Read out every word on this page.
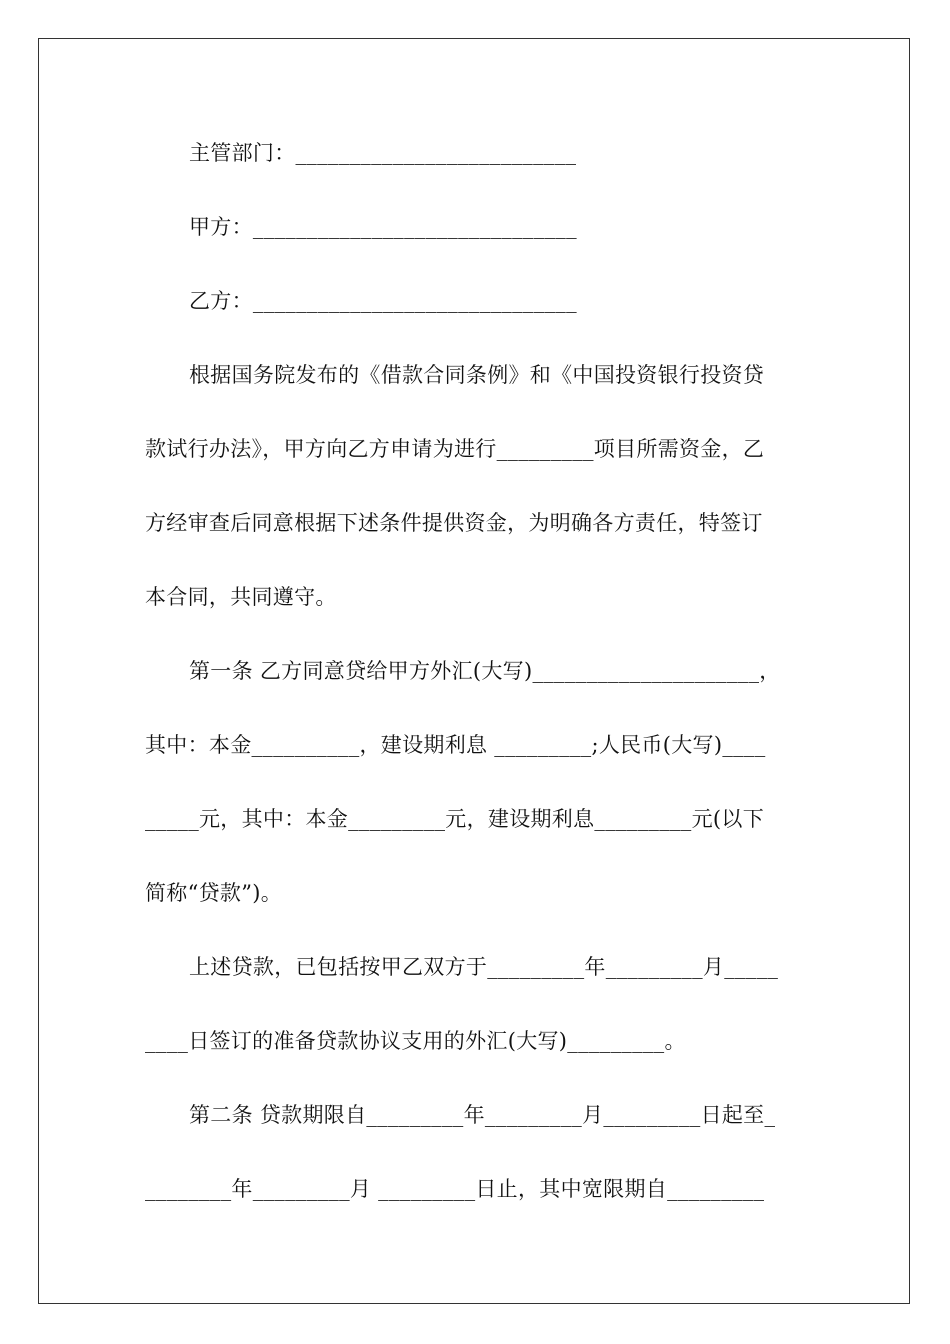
主管部门：__________________________
甲方：______________________________
乙方：______________________________
根据国务院发布的《借款合同条例》和《中国投资银行投资贷
款试行办法》，甲方向乙方申请为进行_________项目所需资金，乙
方经审查后同意根据下述条件提供资金，为明确各方责任，特签订
本合同，共同遵守。
第一条 乙方同意贷给甲方外汇(大写)_____________________，
其中：本金__________，建设期利息 _________;人民币(大写)____
_____元，其中：本金_________元，建设期利息_________元(以下
简称“贷款”)。
上述贷款，已包括按甲乙双方于_________年_________月_____
____日签订的准备贷款协议支用的外汇(大写)_________。
第二条 贷款期限自_________年_________月_________日起至_
________年_________月 _________日止，其中宽限期自_________
